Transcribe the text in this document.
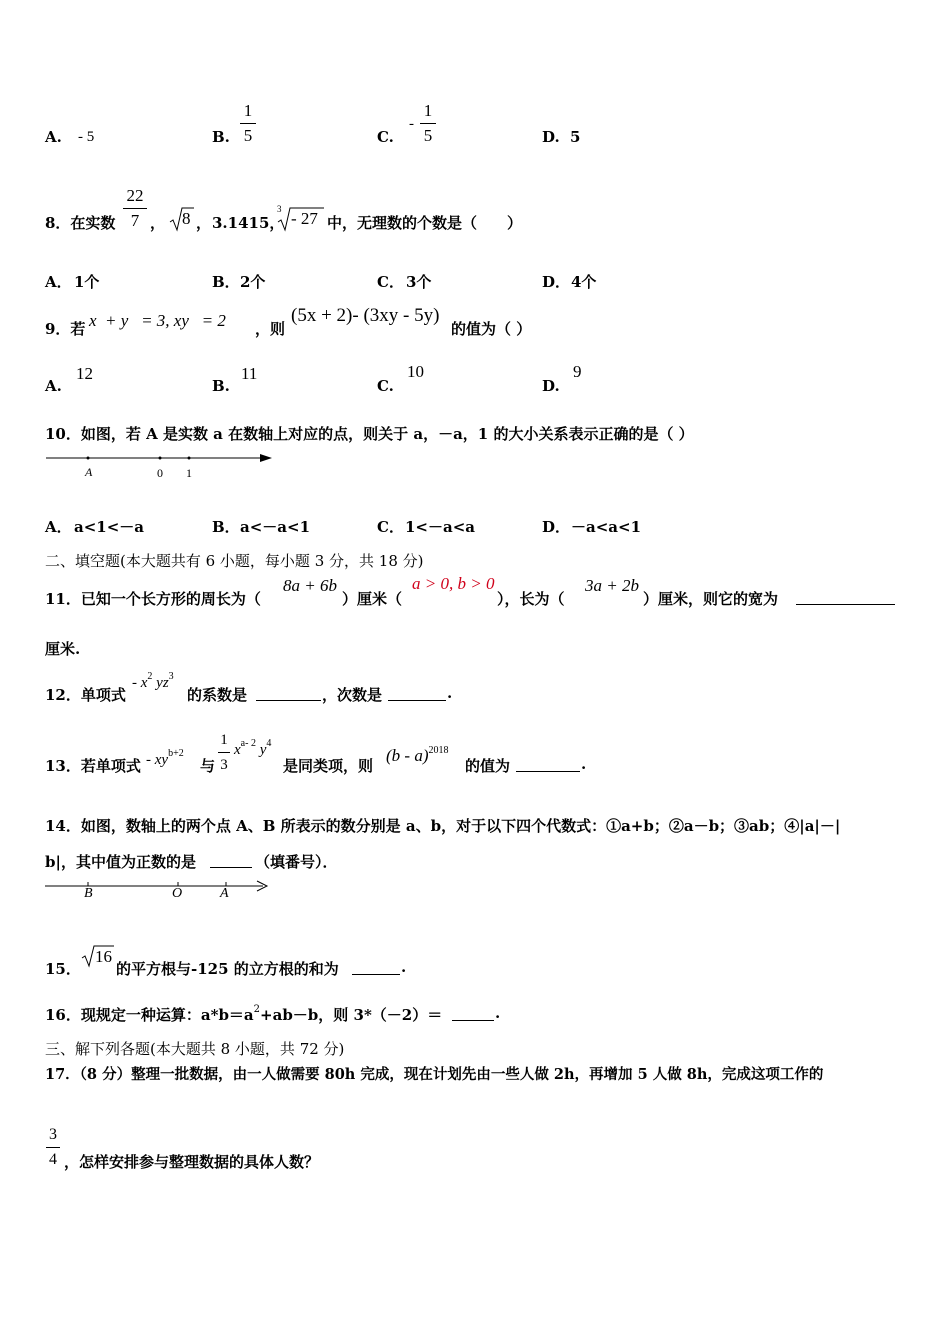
A. - 5	B.
1
5	C.
-
1
5	D. 5
8．在实数
22
7 ， 8 ， 3.1415，
3 - 27 中，无理数的个数是（　　）
A． 1个	B． 2个	C． 3个	D． 4个
9．若 x  + y   = 3, xy   = 2 ，则
(5x + 2)- (3xy - 5y)
的值为（ ）
A.
12
B.
11
C.
10
D.
9
10．如图，若 A 是实数 a 在数轴上对应的点，则关于 a，－a，1 的大小关系表示正确的是（ ）
A	0 1
A． a<1<－a	B． a<－a<1	C． 1<－a<a	D． －a<a<1
二、填空题(本大题共有 6 小题，每小题 3 分，共 18 分)
11．已知一个长方形的周长为（
8a + 6b
）厘米（
a > 0, b > 0
），长为（
3a + 2b
）厘米，则它的宽为
厘米.
12．单项式
- $x^2$ $yz^3$
的系数是	，次数是	.
13．若单项式 - $xy^{b+2}$
与
1
3
$x^{a- 2}$ $y^4$
是同类项，则
(b - a)$^{2018}$
的值为	.
14．如图，数轴上的两个点 A、B 所表示的数分别是 a、b，对于以下四个代数式：①a+b；②a－b；③ab；④|a|－|
b|，其中值为正数的是	（填番号）．
B	O	A
15．
16
的平方根与-125 的立方根的和为	.
16．现规定一种运算：$a*b=a^2+ab-b$，则 3*（－2）＝	.
三、解下列各题(本大题共 8 小题，共 72 分)
17．（8 分）整理一批数据，由一人做需要 80h 完成，现在计划先由一些人做 2h，再增加 5 人做 8h，完成这项工作的
3
4 ，怎样安排参与整理数据的具体人数？
